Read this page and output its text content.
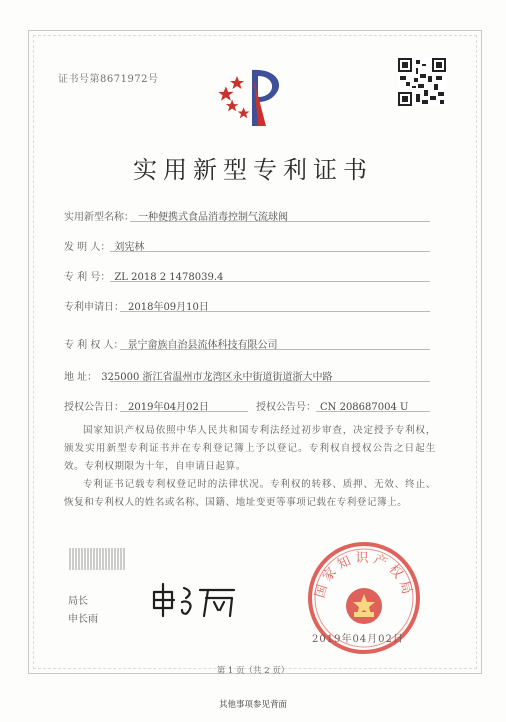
证书号第8671972号
实用新型专利证书
实用新型名称： 一种便携式食品消毒控制气流球阀
发 明 人： 刘宪林
专 利 号： ZL 2018 2 1478039.4
专利申请日： 2018年09月10日
专 利 权 人： 景宁畲族自治县流体科技有限公司
地 址： 325000 浙江省温州市龙湾区永中街道街道浙大中路
授权公告日： 2019年04月02日	授权公告号： CN 208687004 U
国家知识产权局依照中华人民共和国专利法经过初步审查，决定授予专利权，颁发实用新型专利证书并在专利登记簿上予以登记。专利权自授权公告之日起生效。专利权期限为十年，自申请日起算。
专利证书记载专利权登记时的法律状况。专利权的转移、质押、无效、终止、恢复和专利权人的姓名或名称、国籍、地址变更等事项记载在专利登记簿上。
局长
申长雨
国家知识产权局
2019年04月02日
第 1 页（共 2 页）
其他事项参见背面
